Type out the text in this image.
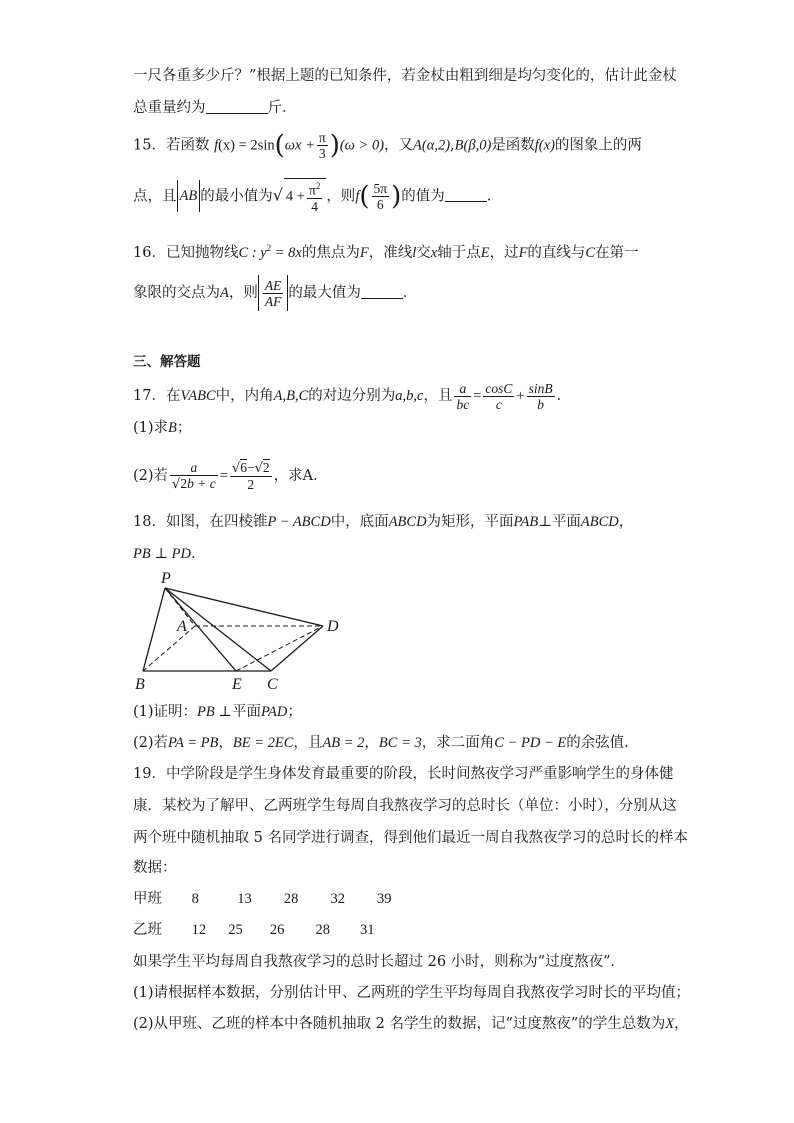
一尺各重多少斤？”根据上题的已知条件，若金杖由粗到细是均匀变化的，估计此金杖
总重量约为	斤．
15．若函数 $f(x) = 2\sin(\omega x + \frac{\pi}{3} )(\omega > 0)$，又A(α,2),B(β,0)是函数f(x)的图象上的两
点，且 AB 的最小值为√ $4 + \frac{\pi^2}{4}$ ，则$f( \frac{5\pi}{6}$ )的值为	.
16．已知抛物线C : $y^2 = 8x$的焦点为F，准线l交x轴于点E，过F的直线与C在第一
象限的交点为A，则 $\frac{AE}{AF}$ 的最大值为	．
三、解答题
17．在VABC中，内角A,B,C的对边分别为a,b,c，且 $\frac{a}{bc} = \frac{\cos C}{c} + \frac{\sin B}{b}$ ．
(1)求B；
(2)若 $\frac{a}{√2b + c} = \frac{√6-√2}{2}$ ，求A．
18．如图，在四棱锥P − ABCD中，底面ABCD为矩形，平面PAB⊥平面ABCD，
PB ⊥ PD．
P
A	D
B	E C
(1)证明：PB ⊥平面PAD；
(2)若PA = PB，BE = 2EC，且AB = 2，BC = 3，求二面角C − PD − E的余弦值．
19．中学阶段是学生身体发育最重要的阶段，长时间熬夜学习严重影响学生的身体健
康．某校为了解甲、乙两班学生每周自我熬夜学习的总时长（单位：小时），分别从这
两个班中随机抽取 5 名同学进行调查，得到他们最近一周自我熬夜学习的总时长的样本
数据：
甲班 8	13 28 32 39
乙班 12 25 26 28 31
如果学生平均每周自我熬夜学习的总时长超过 26 小时，则称为“过度熬夜”．
(1)请根据样本数据，分别估计甲、乙两班的学生平均每周自我熬夜学习时长的平均值；
(2)从甲班、乙班的样本中各随机抽取 2 名学生的数据，记“过度熬夜”的学生总数为X，
